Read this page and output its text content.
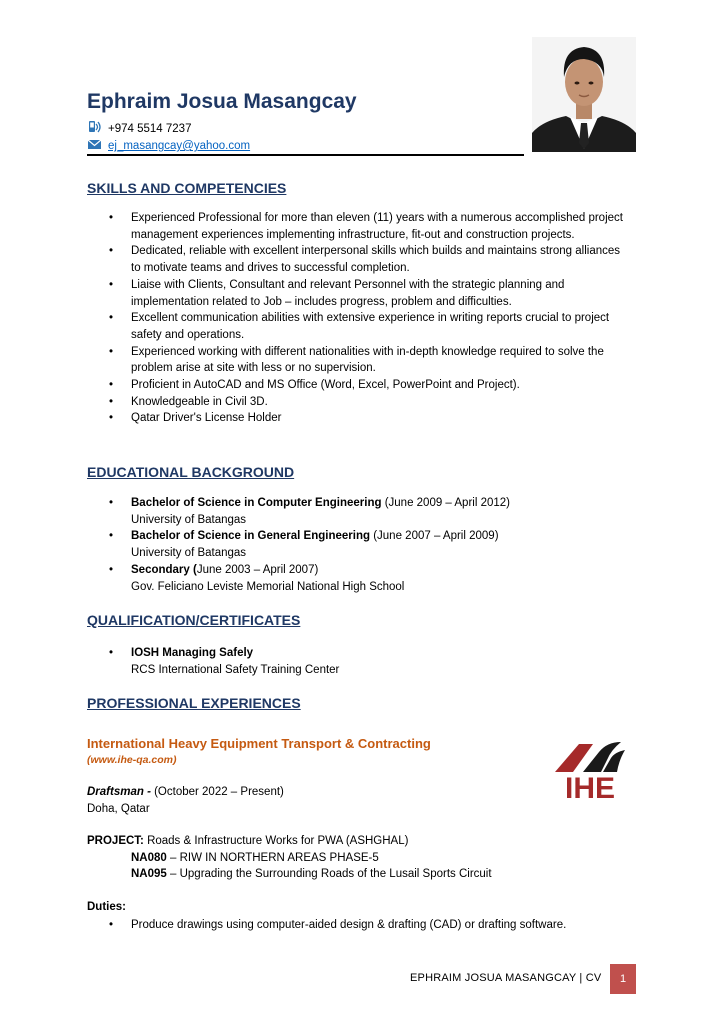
Ephraim Josua Masangcay
+974 5514 7237
ej_masangcay@yahoo.com
SKILLS AND COMPETENCIES
• Experienced Professional for more than eleven (11) years with a numerous accomplished project management experiences implementing infrastructure, fit-out and construction projects.
• Dedicated, reliable with excellent interpersonal skills which builds and maintains strong alliances to motivate teams and drives to successful completion.
• Liaise with Clients, Consultant and relevant Personnel with the strategic planning and implementation related to Job – includes progress, problem and difficulties.
• Excellent communication abilities with extensive experience in writing reports crucial to project safety and operations.
• Experienced working with different nationalities with in-depth knowledge required to solve the problem arise at site with less or no supervision.
• Proficient in AutoCAD and MS Office (Word, Excel, PowerPoint and Project).
• Knowledgeable in Civil 3D.
• Qatar Driver's License Holder
EDUCATIONAL BACKGROUND
• Bachelor of Science in Computer Engineering (June 2009 – April 2012)
University of Batangas
• Bachelor of Science in General Engineering (June 2007 – April 2009)
University of Batangas
• Secondary (June 2003 – April 2007)
Gov. Feliciano Leviste Memorial National High School
QUALIFICATION/CERTIFICATES
• IOSH Managing Safely
RCS International Safety Training Center
PROFESSIONAL EXPERIENCES
International Heavy Equipment Transport & Contracting
(www.ihe-qa.com)
IHE
Draftsman - (October 2022 – Present)
Doha, Qatar
PROJECT: Roads & Infrastructure Works for PWA (ASHGHAL)
NA080 – RIW IN NORTHERN AREAS PHASE-5
NA095 – Upgrading the Surrounding Roads of the Lusail Sports Circuit
Duties:
• Produce drawings using computer-aided design & drafting (CAD) or drafting software.
EPHRAIM JOSUA MASANGCAY | CV	1
